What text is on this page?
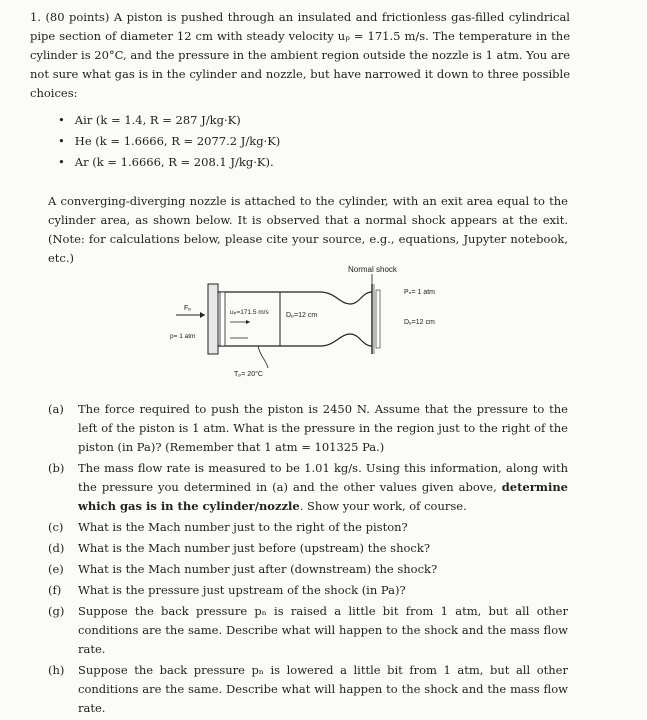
1. (80 points) A piston is pushed through an insulated and frictionless gas-filled cylindrical pipe section of diameter 12 cm with steady velocity uₚ = 171.5 m/s. The temperature in the cylinder is 20°C, and the pressure in the ambient region outside the nozzle is 1 atm. You are not sure what gas is in the cylinder and nozzle, but have narrowed it down to three possible choices:
• Air (k = 1.4, R = 287 J/kg·K)
• He (k = 1.6666, R = 2077.2 J/kg·K)
• Ar (k = 1.6666, R = 208.1 J/kg·K).
A converging-diverging nozzle is attached to the cylinder, with an exit area equal to the cylinder area, as shown below. It is observed that a normal shock appears at the exit. (Note: for calculations below, please cite your source, e.g., equations, Jupyter notebook, etc.)
Normal shock
Pₙ= 1 atm
Fₚ
uₚ=171.5 m/s Dₚ=12 cm
Dₑ=12 cm
p= 1 atm
Tₚ= 20°C
(a)	The force required to push the piston is 2450 N. Assume that the pressure to the left of the piston is 1 atm. What is the pressure in the region just to the right of the piston (in Pa)? (Remember that 1 atm = 101325 Pa.)
(b)	The mass flow rate is measured to be 1.01 kg/s. Using this information, along with the pressure you determined in (a) and the other values given above, determine which gas is in the cylinder/nozzle. Show your work, of course.
(c)	What is the Mach number just to the right of the piston?
(d)	What is the Mach number just before (upstream) the shock?
(e)	What is the Mach number just after (downstream) the shock?
(f)	What is the pressure just upstream of the shock (in Pa)?
(g)	Suppose the back pressure pₙ is raised a little bit from 1 atm, but all other conditions are the same. Describe what will happen to the shock and the mass flow rate.
(h)	Suppose the back pressure pₙ is lowered a little bit from 1 atm, but all other conditions are the same. Describe what will happen to the shock and the mass flow rate.
